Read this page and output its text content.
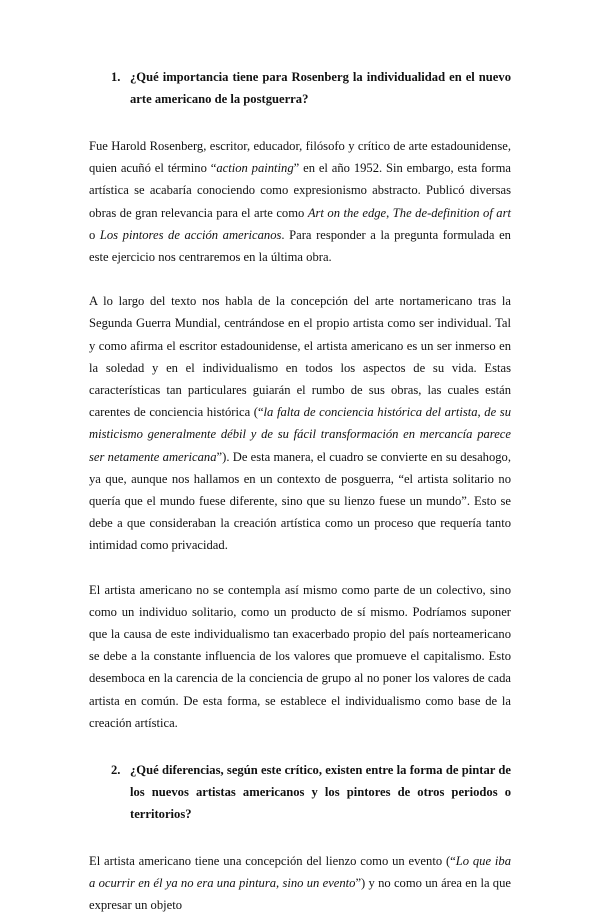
1. ¿Qué importancia tiene para Rosenberg la individualidad en el nuevo arte americano de la postguerra?

Fue Harold Rosenberg, escritor, educador, filósofo y crítico de arte estadounidense, quien acuñó el término “action painting” en el año 1952. Sin embargo, esta forma artística se acabaría conociendo como expresionismo abstracto. Publicó diversas obras de gran relevancia para el arte como Art on the edge, The de-definition of art o Los pintores de acción americanos. Para responder a la pregunta formulada en este ejercicio nos centraremos en la última obra.

A lo largo del texto nos habla de la concepción del arte nortamericano tras la Segunda Guerra Mundial, centrándose en el propio artista como ser individual. Tal y como afirma el escritor estadounidense, el artista americano es un ser inmerso en la soledad y en el individualismo en todos los aspectos de su vida. Estas características tan particulares guiarán el rumbo de sus obras, las cuales están carentes de conciencia histórica (“la falta de conciencia histórica del artista, de su misticismo generalmente débil y de su fácil transformación en mercancía parece ser netamente americana”). De esta manera, el cuadro se convierte en su desahogo, ya que, aunque nos hallamos en un contexto de posguerra, “el artista solitario no quería que el mundo fuese diferente, sino que su lienzo fuese un mundo”. Esto se debe a que consideraban la creación artística como un proceso que requería tanto intimidad como privacidad.

El artista americano no se contempla así mismo como parte de un colectivo, sino como un individuo solitario, como un producto de sí mismo. Podríamos suponer que la causa de este individualismo tan exacerbado propio del país norteamericano se debe a la constante influencia de los valores que promueve el capitalismo. Esto desemboca en la carencia de la conciencia de grupo al no poner los valores de cada artista en común. De esta forma, se establece el individualismo como base de la creación artística.

2. ¿Qué diferencias, según este crítico, existen entre la forma de pintar de los nuevos artistas americanos y los pintores de otros periodos o territorios?

El artista americano tiene una concepción del lienzo como un evento (“Lo que iba a ocurrir en él ya no era una pintura, sino un evento”) y no como un área en la que expresar un objeto
